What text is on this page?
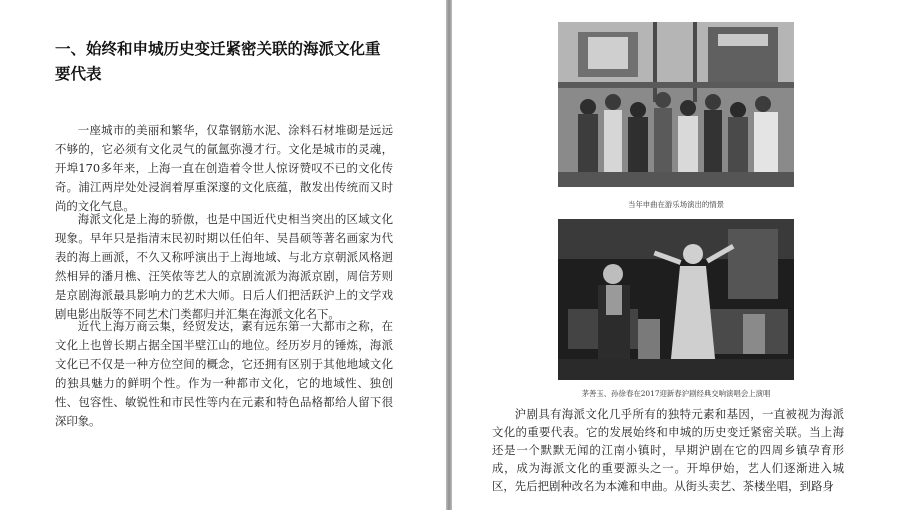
一、始终和申城历史变迁紧密关联的海派文化重要代表

一座城市的美丽和繁华，仅靠钢筋水泥、涂料石材堆砌是远远不够的，它必须有文化灵气的氤氲弥漫才行。文化是城市的灵魂，开埠170多年来，上海一直在创造着令世人惊讶赞叹不已的文化传奇。浦江两岸处处浸润着厚重深邃的文化底蕴，散发出传统而又时尚的文化气息。

海派文化是上海的骄傲，也是中国近代史相当突出的区域文化现象。早年只是指清末民初时期以任伯年、吴昌硕等著名画家为代表的海上画派，不久又称呼演出于上海地域、与北方京朝派风格迥然相异的潘月樵、汪笑侬等艺人的京剧流派为海派京剧，周信芳则是京剧海派最具影响力的艺术大师。日后人们把活跃沪上的文学戏剧电影出版等不同艺术门类都归并汇集在海派文化名下。

近代上海万商云集，经贸发达，素有远东第一大都市之称，在文化上也曾长期占据全国半壁江山的地位。经历岁月的锤炼，海派文化已不仅是一种方位空间的概念，它还拥有区别于其他地域文化的独具魅力的鲜明个性。作为一种都市文化，它的地域性、独创性、包容性、敏锐性和市民性等内在元素和特色品格都给人留下很深印象。

当年申曲在游乐场演出的情景

茅善玉、孙徐春在2017迎新春沪剧经典交响演唱会上演唱

沪剧具有海派文化几乎所有的独特元素和基因，一直被视为海派文化的重要代表。它的发展始终和申城的历史变迁紧密关联。当上海还是一个默默无闻的江南小镇时，早期沪剧在它的四周乡镇孕育形成，成为海派文化的重要源头之一。开埠伊始，艺人们逐渐进入城区，先后把剧种改名为本滩和申曲。从街头卖艺、茶楼坐唱，到路身
